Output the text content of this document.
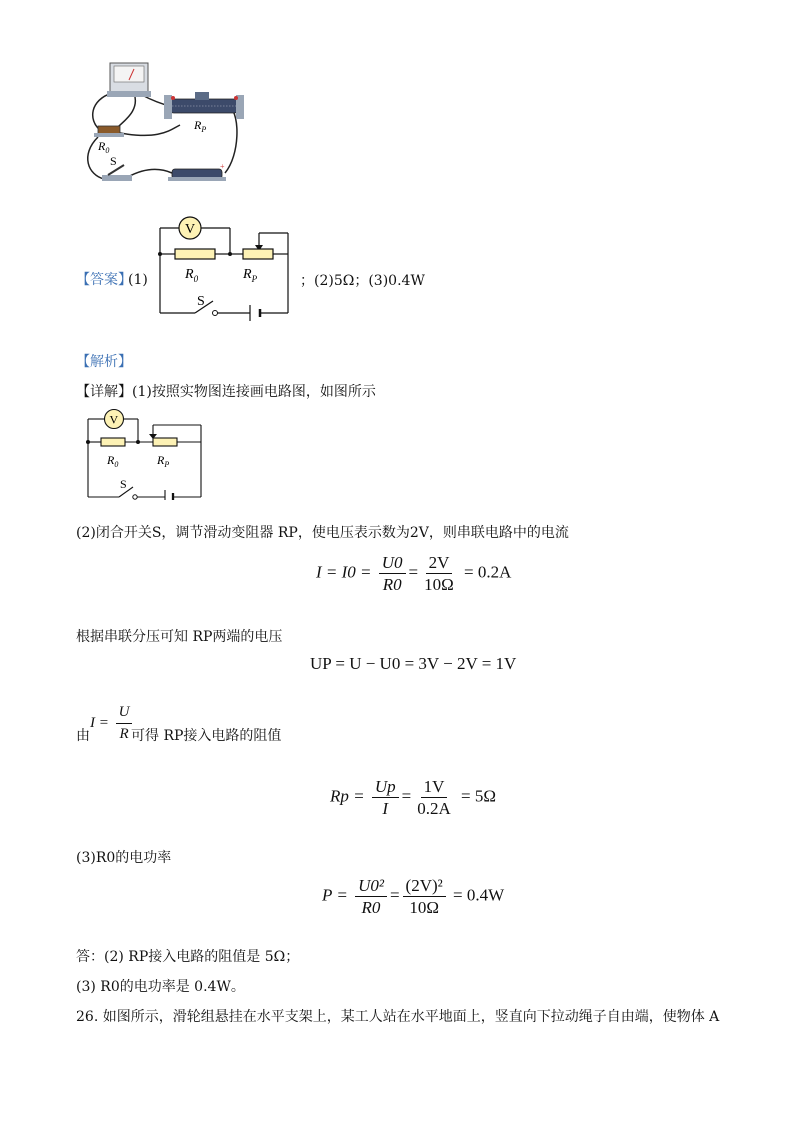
+
$R_0$
$R_P$
S
【答案】
(1)
V
$R_0$	$R_P$
S
；(2)5Ω；(3)0.4W
【解析】
【详解】(1)按照实物图连接画电路图，如图所示
V
$R_0$	$R_P$
S
(2)闭合开关S，调节滑动变阻器 RP，使电压表示数为2V，则串联电路中的电流
$I = I0 = \frac{U0}{R0} = \frac{2V}{10\Omega} = 0.2A$
根据串联分压可知 RP两端的电压
UP = U − U0 = 3V − 2V = 1V
由
$I = \frac{U}{R}$
可得 RP接入电路的阻值
$Rp = \frac{Up}{I} = \frac{1V}{0.2A} = 5\Omega$
(3)R0的电功率
$P = \frac{\text{U0²}}{R0} = \frac{\text{(2V)²}}{10\Omega} = 0.4W$
答：(2) RP接入电路的阻值是 5Ω；
(3) R0的电功率是 0.4W。
26. 如图所示，滑轮组悬挂在水平支架上，某工人站在水平地面上，竖直向下拉动绳子自由端，使物体 A
